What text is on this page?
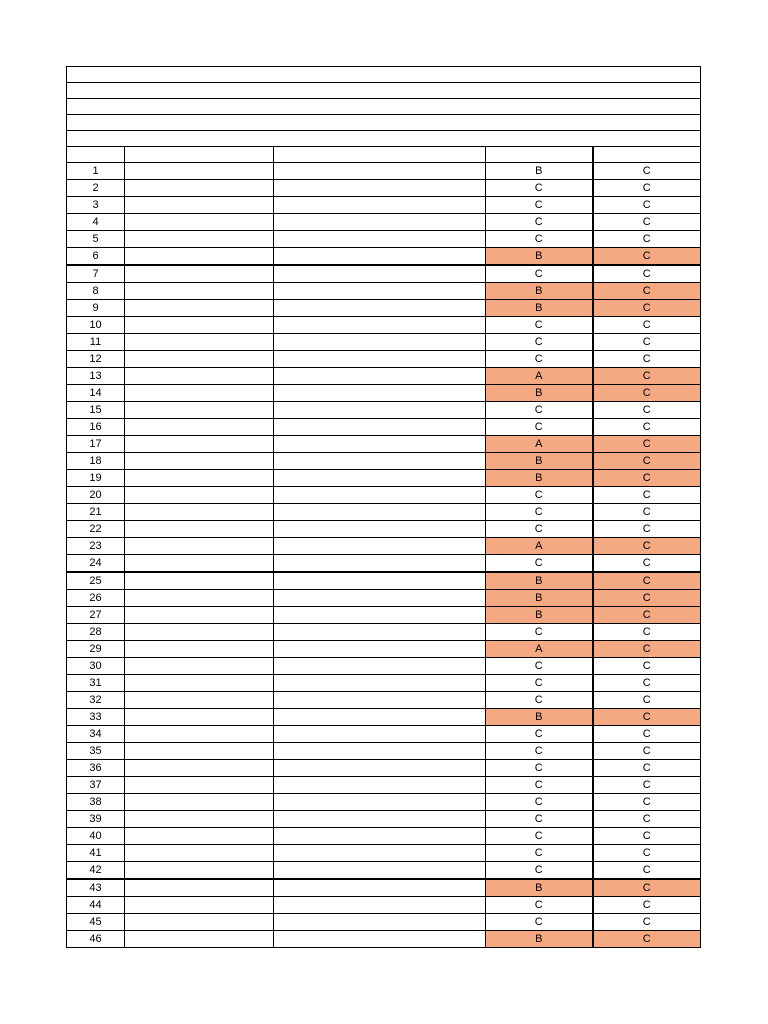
1			B	C
2			C	C
3			C	C
4			C	C
5			C	C
6			B	C
7			C	C
8			B	C
9			B	C
10			C	C
11			C	C
12			C	C
13			A	C
14			B	C
15			C	C
16			C	C
17			A	C
18			B	C
19			B	C
20			C	C
21			C	C
22			C	C
23			A	C
24			C	C
25			B	C
26			B	C
27			B	C
28			C	C
29			A	C
30			C	C
31			C	C
32			C	C
33			B	C
34			C	C
35			C	C
36			C	C
37			C	C
38			C	C
39			C	C
40			C	C
41			C	C
42			C	C
43			B	C
44			C	C
45			C	C
46			B	C
